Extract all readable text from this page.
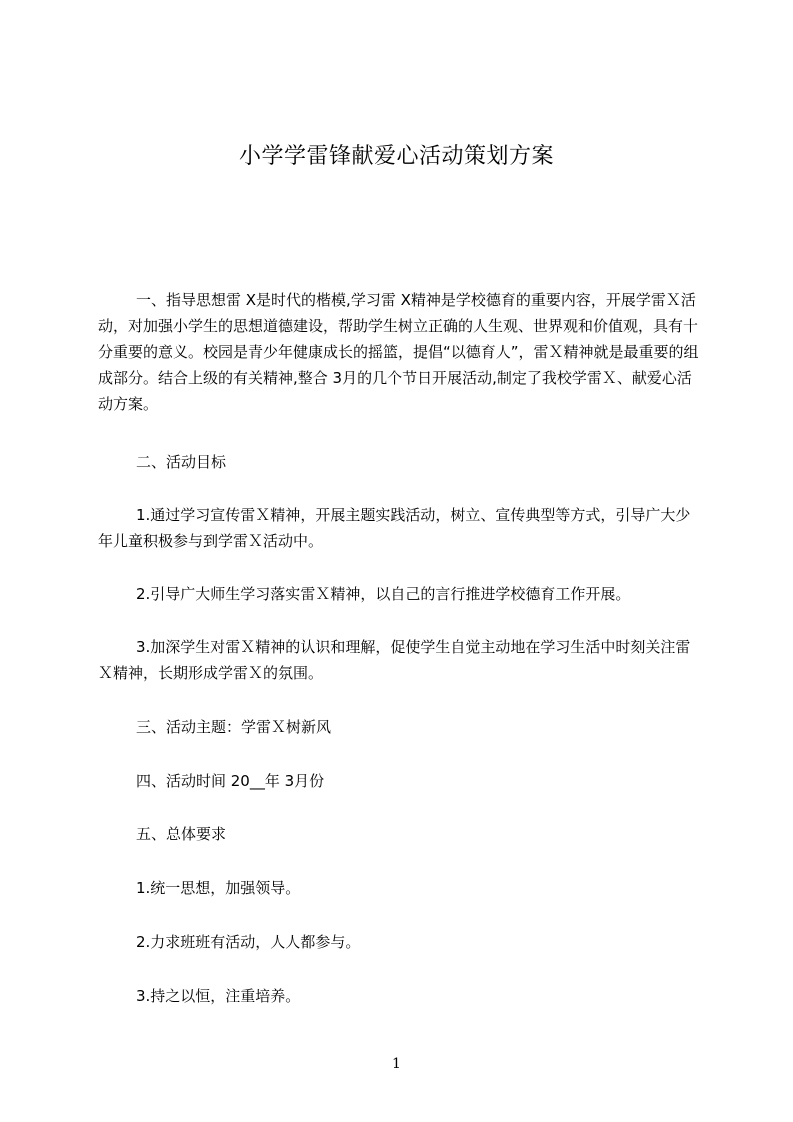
小学学雷锋献爱心活动策划方案

一、指导思想雷 X是时代的楷模,学习雷 X精神是学校德育的重要内容，开展学雷Ｘ活动，对加强小学生的思想道德建设，帮助学生树立正确的人生观、世界观和价值观，具有十分重要的意义。校园是青少年健康成长的摇篮，提倡“以德育人”，雷Ｘ精神就是最重要的组成部分。结合上级的有关精神,整合 3月的几个节日开展活动,制定了我校学雷Ｘ、献爱心活动方案。

二、活动目标

1.通过学习宣传雷Ｘ精神，开展主题实践活动，树立、宣传典型等方式，引导广大少年儿童积极参与到学雷Ｘ活动中。

2.引导广大师生学习落实雷Ｘ精神，以自己的言行推进学校德育工作开展。

3.加深学生对雷Ｘ精神的认识和理解，促使学生自觉主动地在学习生活中时刻关注雷Ｘ精神，长期形成学雷Ｘ的氛围。

三、活动主题：学雷Ｘ树新风

四、活动时间 20__年 3月份

五、总体要求

1.统一思想，加强领导。

2.力求班班有活动，人人都参与。

3.持之以恒，注重培养。

1
